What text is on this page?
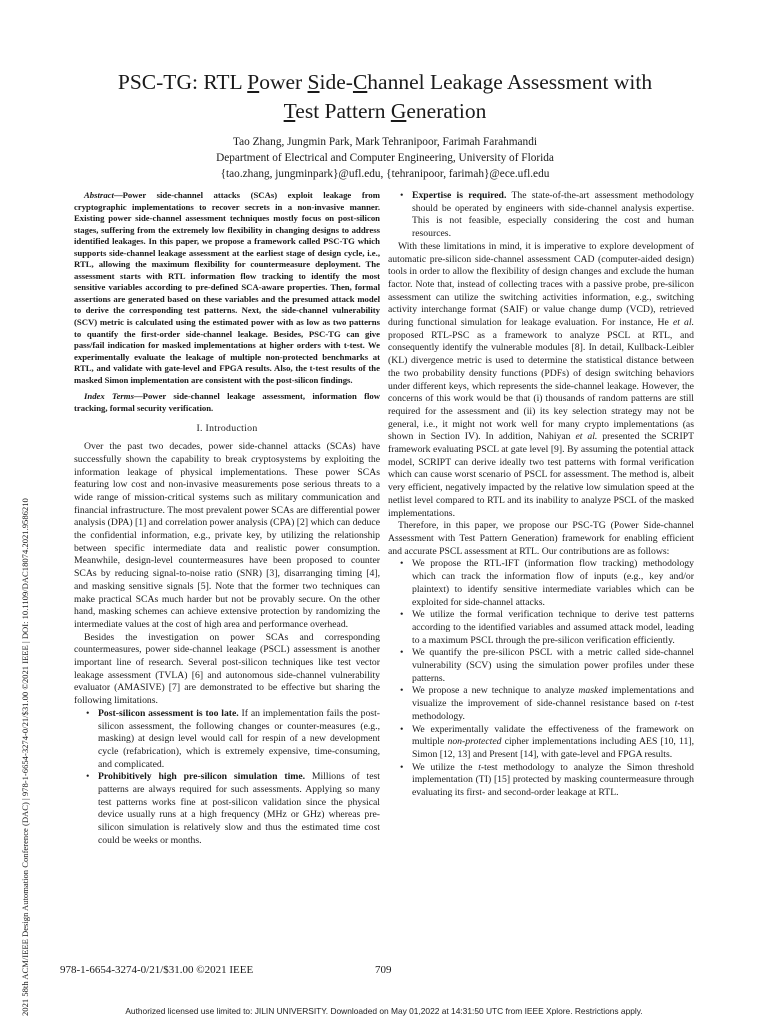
PSC-TG: RTL Power Side-Channel Leakage Assessment with
Test Pattern Generation
Tao Zhang, Jungmin Park, Mark Tehranipoor, Farimah Farahmandi
Department of Electrical and Computer Engineering, University of Florida
{tao.zhang, jungminpark}@ufl.edu, {tehranipoor, farimah}@ece.ufl.edu
2021 58th ACM/IEEE Design Automation Conference (DAC) | 978-1-6654-3274-0/21/$31.00 ©2021 IEEE | DOI: 10.1109/DAC18074.2021.9586210

Abstract—Power side-channel attacks (SCAs) exploit leakage from cryptographic implementations to recover secrets in a non-invasive manner. Existing power side-channel assessment techniques mostly focus on post-silicon stages, suffering from the extremely low flexibility in changing designs to address identified leakages. In this paper, we propose a framework called PSC-TG which supports side-channel leakage assessment at the earliest stage of design cycle, i.e., RTL, allowing the maximum flexibility for countermeasure deployment. The assessment starts with RTL information flow tracking to identify the most sensitive variables according to pre-defined SCA-aware properties. Then, formal assertions are generated based on these variables and the presumed attack model to derive the corresponding test patterns. Next, the side-channel vulnerability (SCV) metric is calculated using the estimated power with as low as two patterns to quantify the first-order side-channel leakage. Besides, PSC-TG can give pass/fail indication for masked implementations at higher orders with t-test. We experimentally evaluate the leakage of multiple non-protected benchmarks at RTL, and validate with gate-level and FPGA results. Also, the t-test results of the masked Simon implementation are consistent with the post-silicon findings.

Index Terms—Power side-channel leakage assessment, information flow tracking, formal security verification.

I. Introduction

Over the past two decades, power side-channel attacks (SCAs) have successfully shown the capability to break cryptosystems by exploiting the information leakage of physical implementations. These power SCAs featuring low cost and non-invasive measurements pose serious threats to a wide range of mission-critical systems such as military communication and financial infrastructure. The most prevalent power SCAs are differential power analysis (DPA) [1] and correlation power analysis (CPA) [2] which can deduce the confidential information, e.g., private key, by utilizing the relationship between specific intermediate data and realistic power consumption. Meanwhile, design-level countermeasures have been proposed to counter SCAs by reducing signal-to-noise ratio (SNR) [3], disarranging timing [4], and masking sensitive signals [5]. Note that the former two techniques can make practical SCAs much harder but not be provably secure. On the other hand, masking schemes can achieve extensive protection by randomizing the intermediate values at the cost of high area and performance overhead.

Besides the investigation on power SCAs and corresponding countermeasures, power side-channel leakage (PSCL) assessment is another important line of research. Several post-silicon techniques like test vector leakage assessment (TVLA) [6] and autonomous side-channel vulnerability evaluator (AMASIVE) [7] are demonstrated to be effective but sharing the following limitations.

• Post-silicon assessment is too late. If an implementation fails the post-silicon assessment, the following changes or counter-measures (e.g., masking) at design level would call for respin of a new development cycle (refabrication), which is extremely expensive, time-consuming, and complicated.
• Prohibitively high pre-silicon simulation time. Millions of test patterns are always required for such assessments. Applying so many test patterns works fine at post-silicon validation since the physical device usually runs at a high frequency (MHz or GHz) whereas pre-silicon simulation is relatively slow and thus the estimated time cost could be weeks or months.
• Expertise is required. The state-of-the-art assessment methodology should be operated by engineers with side-channel analysis expertise. This is not feasible, especially considering the cost and human resources.

With these limitations in mind, it is imperative to explore development of automatic pre-silicon side-channel assessment CAD (computer-aided design) tools in order to allow the flexibility of design changes and exclude the human factor. Note that, instead of collecting traces with a passive probe, pre-silicon assessment can utilize the switching activities information, e.g., switching activity interchange format (SAIF) or value change dump (VCD), retrieved during functional simulation for leakage evaluation. For instance, He et al. proposed RTL-PSC as a framework to analyze PSCL at RTL, and consequently identify the vulnerable modules [8]. In detail, Kullback-Leibler (KL) divergence metric is used to determine the statistical distance between the two probability density functions (PDFs) of design switching behaviors under different keys, which represents the side-channel leakage. However, the concerns of this work would be that (i) thousands of random patterns are still required for the assessment and (ii) its key selection strategy may not be general, i.e., it might not work well for many crypto implementations (as shown in Section IV). In addition, Nahiyan et al. presented the SCRIPT framework evaluating PSCL at gate level [9]. By assuming the potential attack model, SCRIPT can derive ideally two test patterns with formal verification which can cause worst scenario of PSCL for assessment. The method is, albeit very efficient, negatively impacted by the relative low simulation speed at the netlist level compared to RTL and its inability to analyze PSCL of the masked implementations.

Therefore, in this paper, we propose our PSC-TG (Power Side-channel Assessment with Test Pattern Generation) framework for enabling efficient and accurate PSCL assessment at RTL. Our contributions are as follows:

• We propose the RTL-IFT (information flow tracking) methodology which can track the information flow of inputs (e.g., key and/or plaintext) to identify sensitive intermediate variables which can be exploited for side-channel attacks.
• We utilize the formal verification technique to derive test patterns according to the identified variables and assumed attack model, leading to a maximum PSCL through the pre-silicon verification efficiently.
• We quantify the pre-silicon PSCL with a metric called side-channel vulnerability (SCV) using the simulation power profiles under these patterns.
• We propose a new technique to analyze masked implementations and visualize the improvement of side-channel resistance based on t-test methodology.
• We experimentally validate the effectiveness of the framework on multiple non-protected cipher implementations including AES [10, 11], Simon [12, 13] and Present [14], with gate-level and FPGA results.
• We utilize the t-test methodology to analyze the Simon threshold implementation (TI) [15] protected by masking countermeasure through evaluating its first- and second-order leakage at RTL.
978-1-6654-3274-0/21/$31.00 ©2021 IEEE	709
Authorized licensed use limited to: JILIN UNIVERSITY. Downloaded on May 01,2022 at 14:31:50 UTC from IEEE Xplore. Restrictions apply.
